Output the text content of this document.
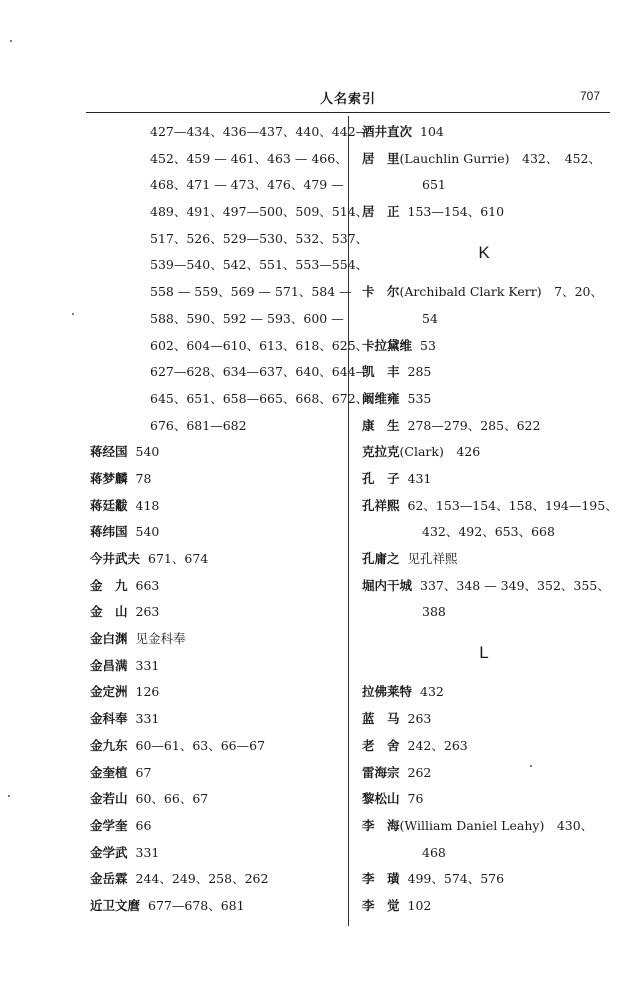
人名索引	707
427—434、436—437、440、442—
452、459 — 461、463 — 466、
468、471 — 473、476、479 —
489、491、497—500、509、514、
517、526、529—530、532、537、
539—540、542、551、553—554、
558 — 559、569 — 571、584 —
588、590、592 — 593、600 —
602、604—610、613、618、625、
627—628、634—637、640、644—
645、651、658—665、668、672、
676、681—682
蒋经国 540
蒋梦麟 78
蒋廷黻 418
蒋纬国 540
今井武夫 671、674
金　九 663
金　山 263
金白渊 见金科奉
金昌满 331
金定洲 126
金科奉 331
金九东 60—61、63、66—67
金奎植 67
金若山 60、66、67
金学奎 66
金学武 331
金岳霖 244、249、258、262
近卫文麿 677—678、681
酒井直次 104
居　里(Lauchlin Gurrie)　432、　452、
651
居　正 153—154、610
K
卡　尔(Archibald Clark Kerr)　7、20、
54
卡拉黛维 53
凯　丰 285
阚维雍 535
康　生 278—279、285、622
克拉克(Clark)　426
孔　子 431
孔祥熙 62、153—154、158、194—195、
432、492、653、668
孔庸之 见孔祥熙
堀内干城 337、348 — 349、352、355、
388
L
拉佛莱特 432
蓝　马 263
老　舍 242、263
雷海宗 262
黎松山 76
李　海(William Daniel Leahy)　430、
468
李　璜 499、574、576
李　觉 102
